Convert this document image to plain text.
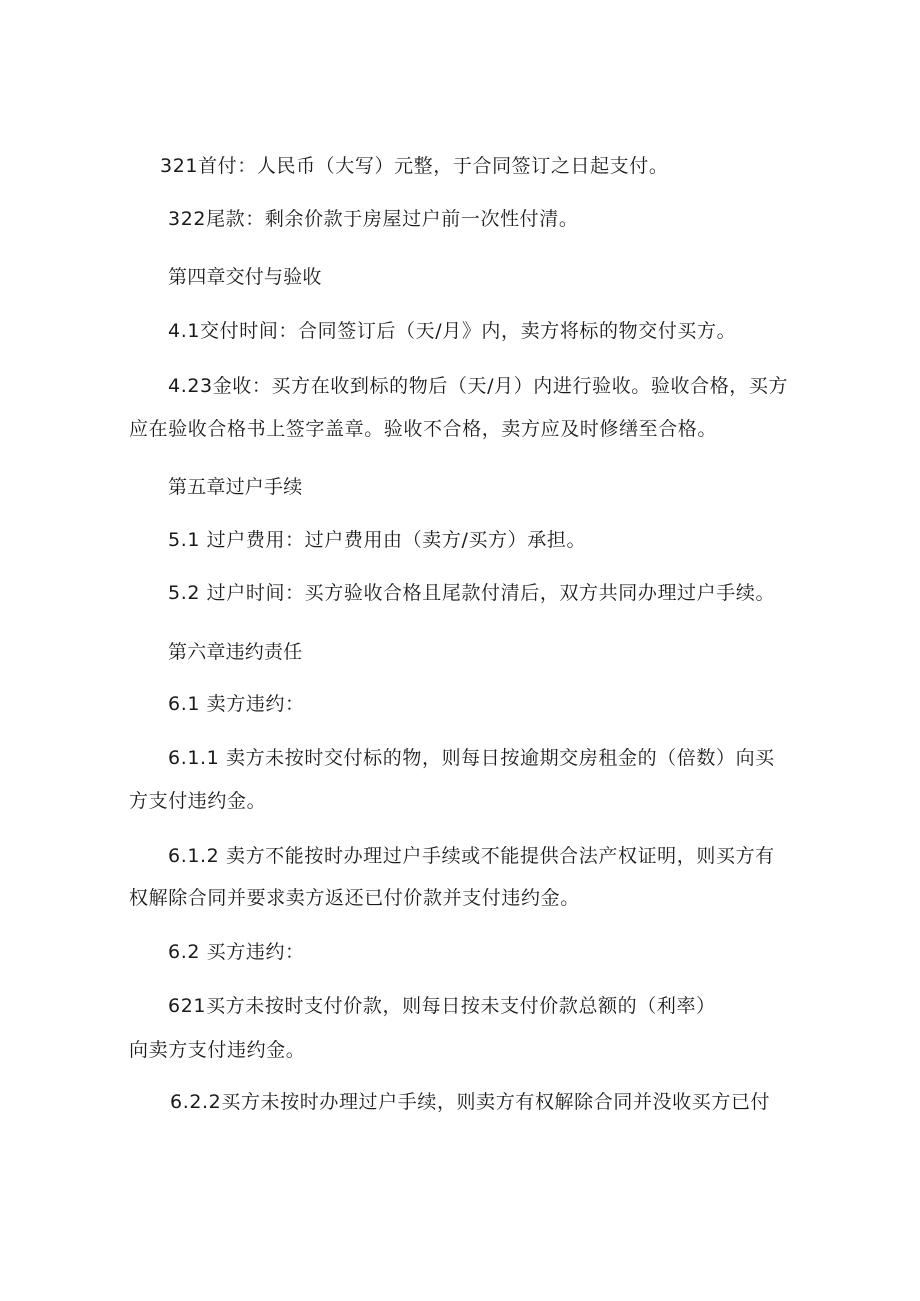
321首付：人民币（大写）元整，于合同签订之日起支付。
322尾款：剩余价款于房屋过户前一次性付清。
第四章交付与验收
4.1交付时间：合同签订后（天/月》内，卖方将标的物交付买方。
4.23金收：买方在收到标的物后（天/月）内进行验收。验收合格，买方
应在验收合格书上签字盖章。验收不合格，卖方应及时修缮至合格。
第五章过户手续
5.1 过户费用：过户费用由（卖方/买方）承担。
5.2 过户时间：买方验收合格且尾款付清后，双方共同办理过户手续。
第六章违约责任
6.1 卖方违约：
6.1.1 卖方未按时交付标的物，则每日按逾期交房租金的（倍数）向买
方支付违约金。
6.1.2 卖方不能按时办理过户手续或不能提供合法产权证明，则买方有
权解除合同并要求卖方返还已付价款并支付违约金。
6.2 买方违约：
621买方未按时支付价款，则每日按未支付价款总额的（利率）
向卖方支付违约金。
6.2.2买方未按时办理过户手续，则卖方有权解除合同并没收买方已付
